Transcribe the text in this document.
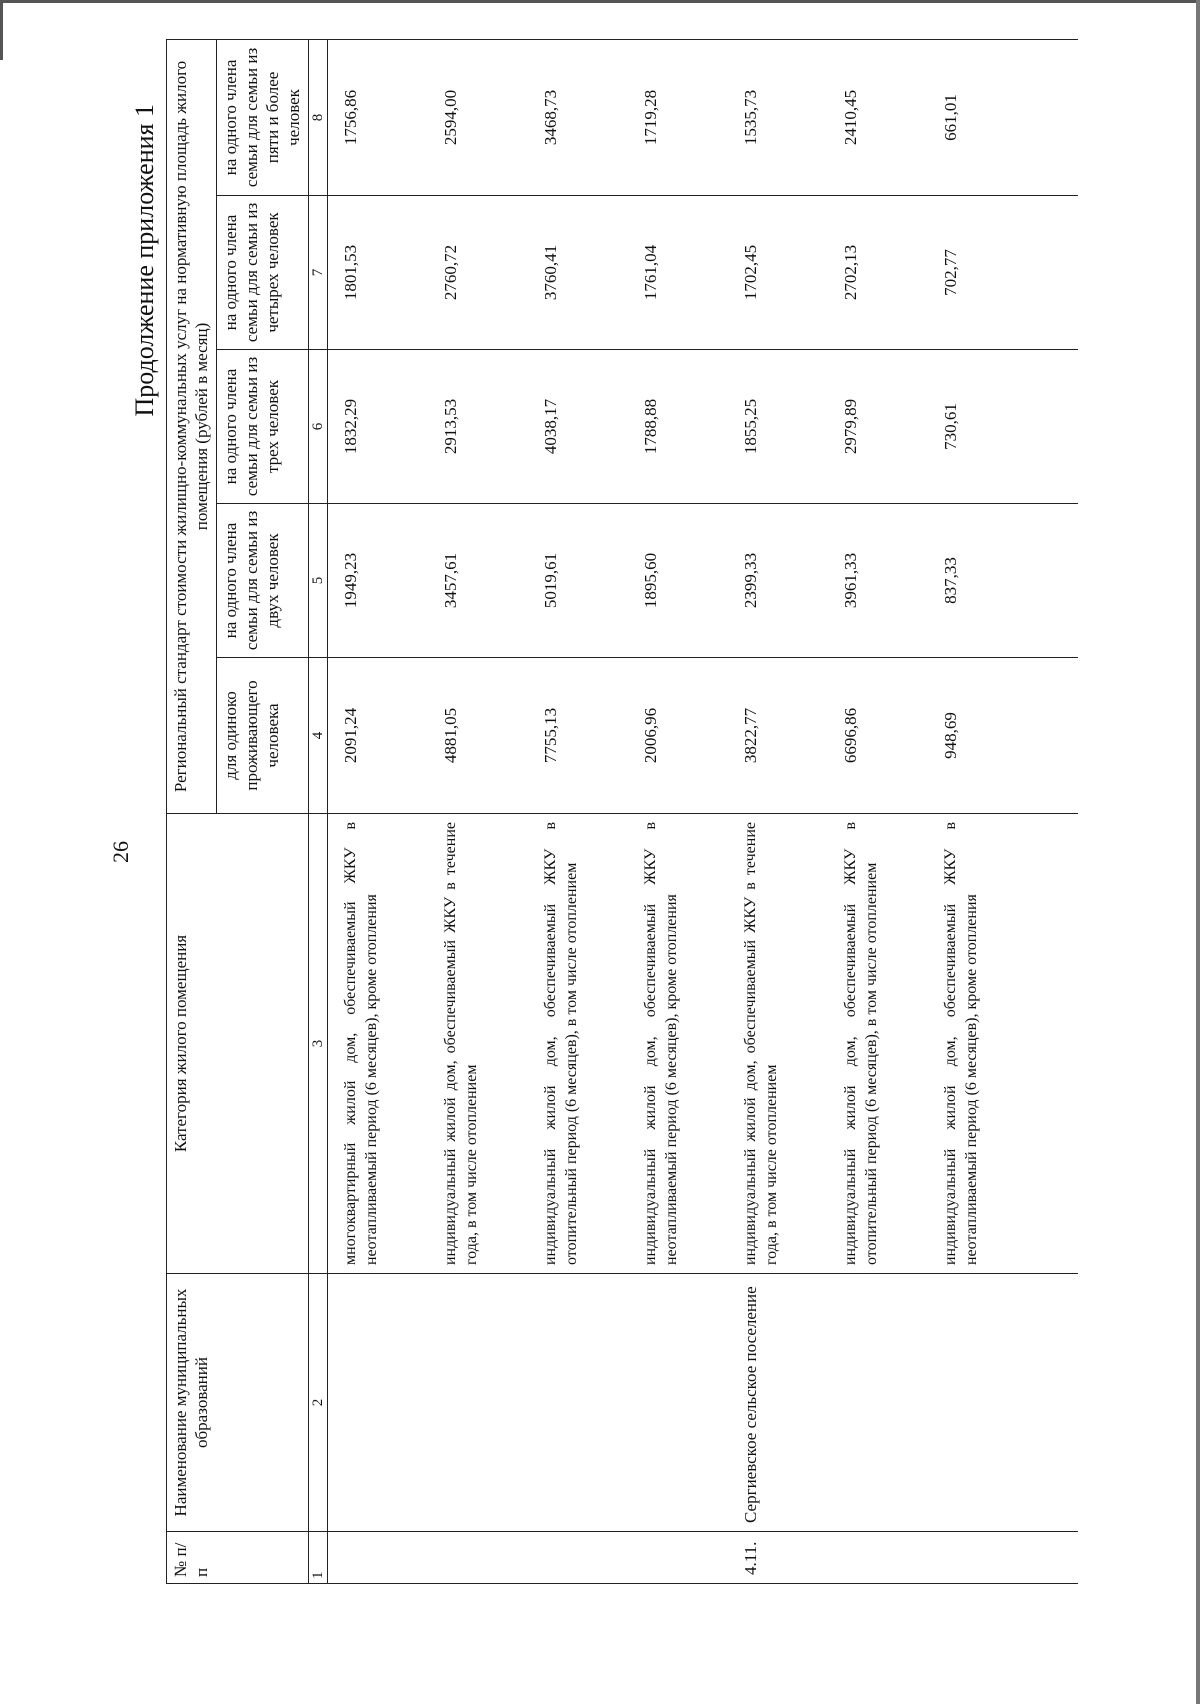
26
Продолжение приложения 1
№ п/п	Наименование муниципальных образований	Категория жилого помещения	Региональный стандарт стоимости жилищно-коммунальных услуг на нормативную площадь жилого помещения (рублей в месяц)				
			для одиноко проживающего человека	на одного члена семьи для семьи из двух человек	на одного члена семьи для семьи из трех человек	на одного члена семьи для семьи из четырех человек	на одного члена семьи для семьи из пяти и более человек
1	2	3	4	5	6	7	8
		многоквартирный жилой дом, обеспечиваемый ЖКУ в неотапливаемый период (6 месяцев), кроме отопления	2091,24	1949,23	1832,29	1801,53	1756,86
		индивидуальный жилой дом, обеспечиваемый ЖКУ в течение года, в том числе отоплением	4881,05	3457,61	2913,53	2760,72	2594,00
		индивидуальный жилой дом, обеспечиваемый ЖКУ в отопительный период (6 месяцев), в том числе отоплением	7755,13	5019,61	4038,17	3760,41	3468,73
		индивидуальный жилой дом, обеспечиваемый ЖКУ в неотапливаемый период (6 месяцев), кроме отопления	2006,96	1895,60	1788,88	1761,04	1719,28
4.11.	Сергиевское сельское поселение	индивидуальный жилой дом, обеспечиваемый ЖКУ в течение года, в том числе отоплением	3822,77	2399,33	1855,25	1702,45	1535,73
		индивидуальный жилой дом, обеспечиваемый ЖКУ в отопительный период (6 месяцев), в том числе отоплением	6696,86	3961,33	2979,89	2702,13	2410,45
		индивидуальный жилой дом, обеспечиваемый ЖКУ в неотапливаемый период (6 месяцев), кроме отопления	948,69	837,33	730,61	702,77	661,01
